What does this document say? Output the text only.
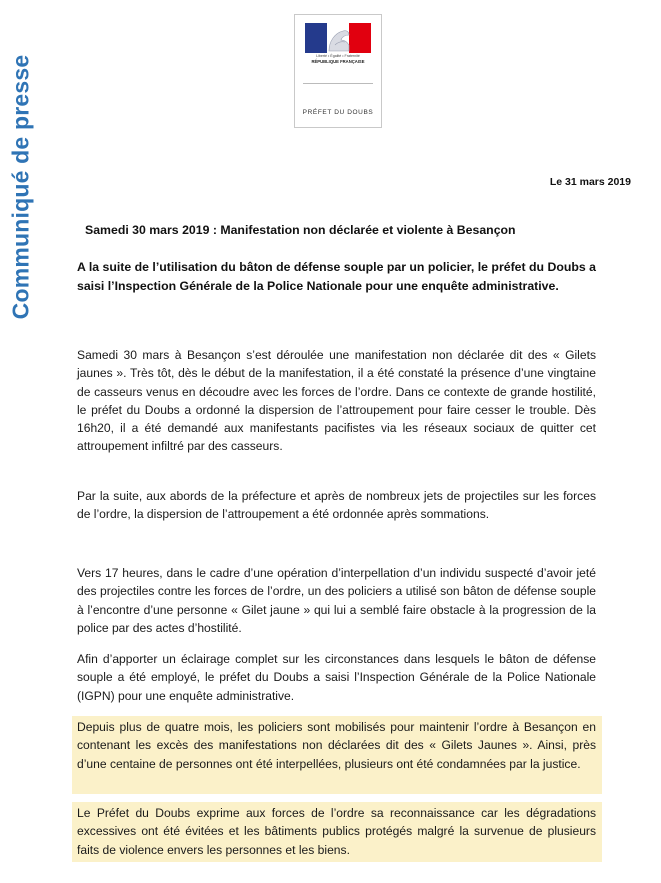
Communiqué de presse	Liberté • Égalité • Fraternité
RÉPUBLIQUE FRANÇAISE
PRÉFET DU DOUBS
Le 31 mars 2019
Samedi 30 mars 2019 : Manifestation non déclarée et violente à Besançon
A la suite de l’utilisation du bâton de défense souple par un policier, le préfet du Doubs a saisi l’Inspection Générale de la Police Nationale pour une enquête administrative.
Samedi 30 mars à Besançon s’est déroulée une manifestation non déclarée dit des « Gilets jaunes ». Très tôt, dès le début de la manifestation, il a été constaté la présence d’une vingtaine de casseurs venus en découdre avec les forces de l’ordre. Dans ce contexte de grande hostilité, le préfet du Doubs a ordonné la dispersion de l’attroupement pour faire cesser le trouble. Dès 16h20, il a été demandé aux manifestants pacifistes via les réseaux sociaux de quitter cet attroupement infiltré par des casseurs.
Par la suite, aux abords de la préfecture et après de nombreux jets de projectiles sur les forces de l’ordre, la dispersion de l’attroupement a été ordonnée après sommations.
Vers 17 heures, dans le cadre d’une opération d’interpellation d’un individu suspecté d’avoir jeté des projectiles contre les forces de l’ordre, un des policiers a utilisé son bâton de défense souple à l’encontre d’une personne « Gilet jaune » qui lui a semblé faire obstacle à la progression de la police par des actes d’hostilité.
Afin d’apporter un éclairage complet sur les circonstances dans lesquels le bâton de défense souple a été employé, le préfet du Doubs a saisi l’Inspection Générale de la Police Nationale (IGPN) pour une enquête administrative.
Depuis plus de quatre mois, les policiers sont mobilisés pour maintenir l’ordre à Besançon en contenant les excès des manifestations non déclarées dit des « Gilets Jaunes ». Ainsi, près d’une centaine de personnes ont été interpellées, plusieurs ont été condamnées par la justice.
Le Préfet du Doubs exprime aux forces de l’ordre sa reconnaissance car les dégradations excessives ont été évitées et les bâtiments publics protégés malgré la survenue de plusieurs faits de violence envers les personnes et les biens.
